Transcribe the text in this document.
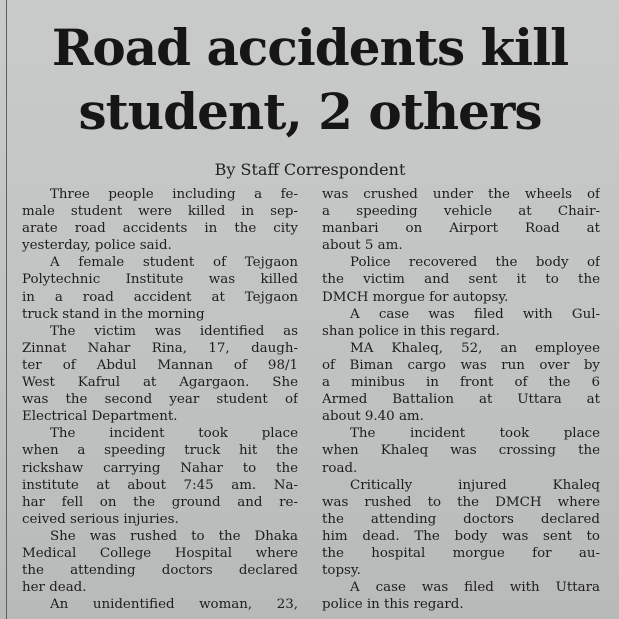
Road accidents kill
student, 2 others
By Staff Correspondent
Three people including a fe-
male student were killed in sep-
arate road accidents in the city
yesterday, police said.
A female student of Tejgaon
Polytechnic Institute was killed
in a road accident at Tejgaon
truck stand in the morning
The victim was identified as
Zinnat Nahar Rina, 17, daugh-
ter of Abdul Mannan of 98/1
West Kafrul at Agargaon. She
was the second year student of
Electrical Department.
The incident took place
when a speeding truck hit the
rickshaw carrying Nahar to the
institute at about 7:45 am. Na-
har fell on the ground and re-
ceived serious injuries.
She was rushed to the Dhaka
Medical College Hospital where
the attending doctors declared
her dead.
An unidentified woman, 23,
was crushed under the wheels of
a speeding vehicle at Chair-
manbari on Airport Road at
about 5 am.
Police recovered the body of
the victim and sent it to the
DMCH morgue for autopsy.
A case was filed with Gul-
shan police in this regard.
MA Khaleq, 52, an employee
of Biman cargo was run over by
a minibus in front of the 6
Armed Battalion at Uttara at
about 9.40 am.
The incident took place
when Khaleq was crossing the
road.
Critically injured Khaleq
was rushed to the DMCH where
the attending doctors declared
him dead. The body was sent to
the hospital morgue for au-
topsy.
A case was filed with Uttara
police in this regard.
